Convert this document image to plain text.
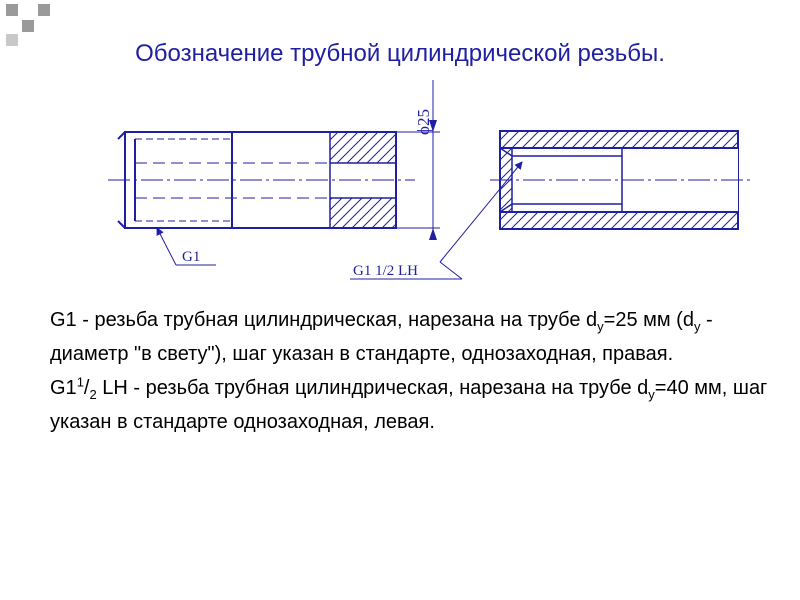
Обозначение трубной цилиндрической резьбы.
ϕ25
G1
G1 1/2 LH

G1 - резьба трубная цилиндрическая, нарезана на трубе $d_у=25$ мм ($d_у$ - диаметр "в свету"), шаг указан в стандарте, однозаходная, правая.

$G1^1/_2$ LH - резьба трубная цилиндрическая, нарезана на трубе $d_у=40$ мм, шаг указан в стандарте однозаходная, левая.
